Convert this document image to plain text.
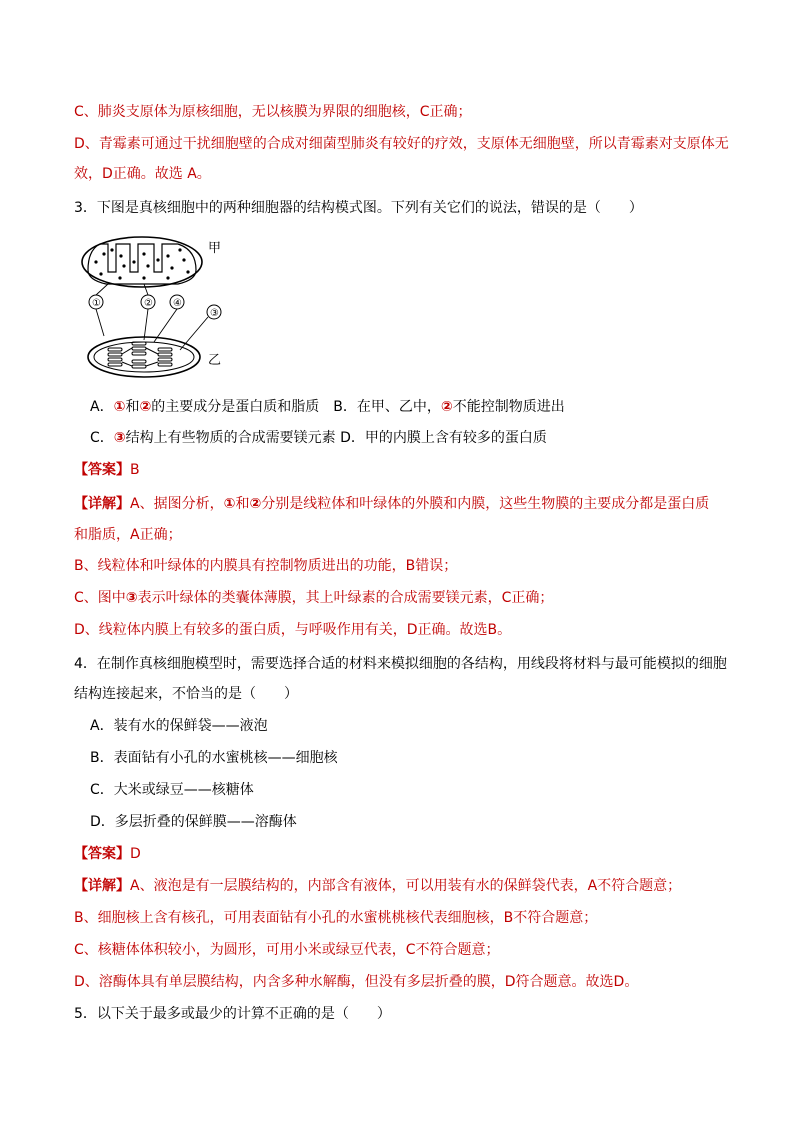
C、肺炎支原体为原核细胞，无以核膜为界限的细胞核，C正确；
D、青霉素可通过干扰细胞壁的合成对细菌型肺炎有较好的疗效，支原体无细胞壁，所以青霉素对支原体无
效，D正确。故选 A。
3．下图是真核细胞中的两种细胞器的结构模式图。下列有关它们的说法，错误的是（　　）
甲
①	② ④
③
乙
A．①和②的主要成分是蛋白质和脂质　B．在甲、乙中，②不能控制物质进出
C．③结构上有些物质的合成需要镁元素 D．甲的内膜上含有较多的蛋白质
【答案】B
【详解】A、据图分析，①和②分别是线粒体和叶绿体的外膜和内膜，这些生物膜的主要成分都是蛋白质
和脂质，A正确；
B、线粒体和叶绿体的内膜具有控制物质进出的功能，B错误；
C、图中③表示叶绿体的类囊体薄膜，其上叶绿素的合成需要镁元素，C正确；
D、线粒体内膜上有较多的蛋白质，与呼吸作用有关，D正确。故选B。
4．在制作真核细胞模型时，需要选择合适的材料来模拟细胞的各结构，用线段将材料与最可能模拟的细胞
结构连接起来，不恰当的是（　　）
A．装有水的保鲜袋——液泡
B．表面钻有小孔的水蜜桃核——细胞核
C．大米或绿豆——核糖体
D．多层折叠的保鲜膜——溶酶体
【答案】D
【详解】A、液泡是有一层膜结构的，内部含有液体，可以用装有水的保鲜袋代表，A不符合题意；
B、细胞核上含有核孔，可用表面钻有小孔的水蜜桃桃核代表细胞核，B不符合题意；
C、核糖体体积较小，为圆形，可用小米或绿豆代表，C不符合题意；
D、溶酶体具有单层膜结构，内含多种水解酶，但没有多层折叠的膜，D符合题意。故选D。
5．以下关于最多或最少的计算不正确的是（　　）
